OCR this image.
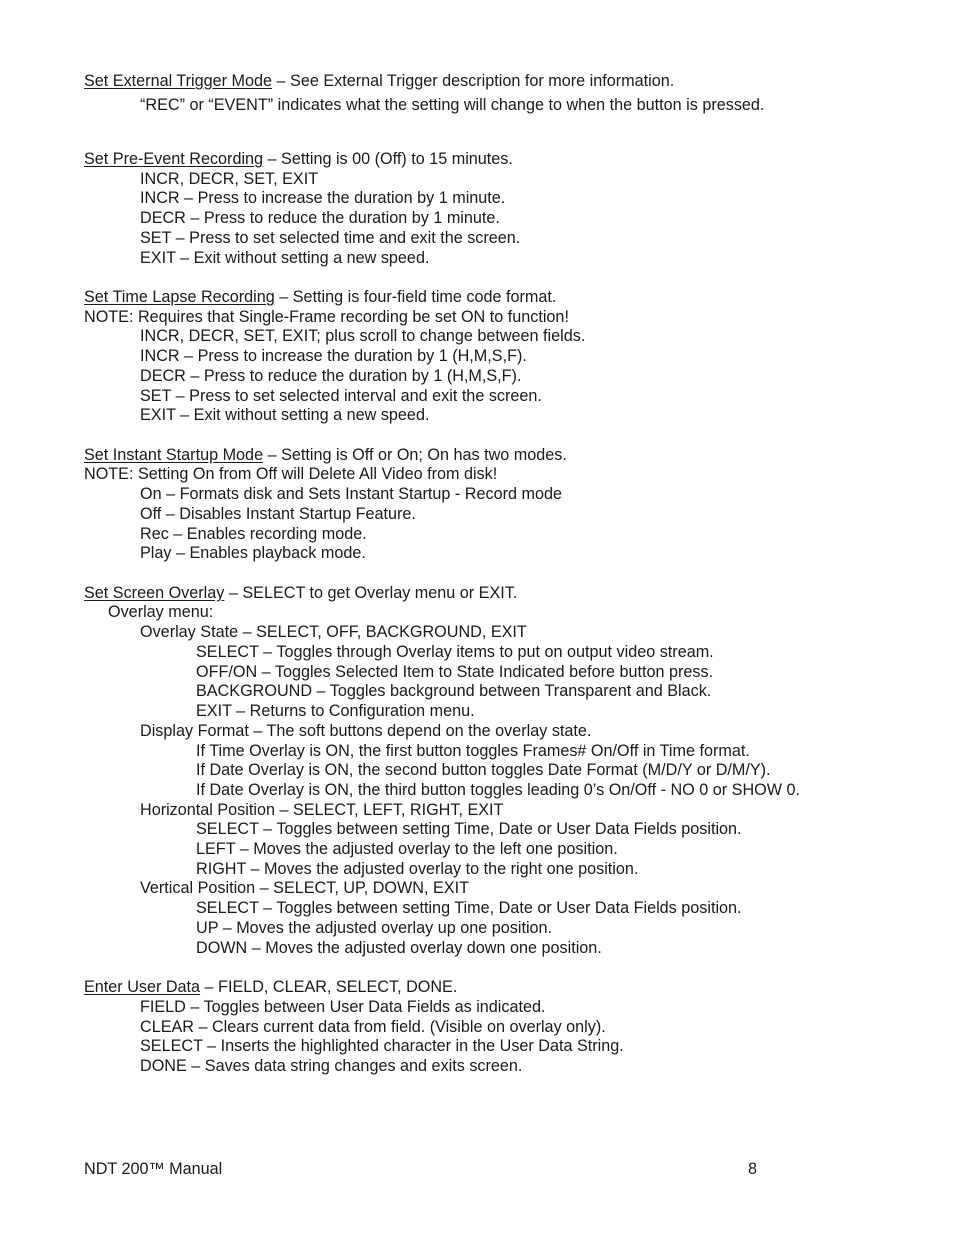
Set External Trigger Mode – See External Trigger description for more information.
“REC” or “EVENT” indicates what the setting will change to when the button is pressed.
Set Pre-Event Recording – Setting is 00 (Off) to 15 minutes.
INCR, DECR, SET, EXIT
INCR – Press to increase the duration by 1 minute.
DECR – Press to reduce the duration by 1 minute.
SET – Press to set selected time and exit the screen.
EXIT – Exit without setting a new speed.
Set Time Lapse Recording – Setting is four-field time code format.
NOTE: Requires that Single-Frame recording be set ON to function!
INCR, DECR, SET, EXIT; plus scroll to change between fields.
INCR – Press to increase the duration by 1 (H,M,S,F).
DECR – Press to reduce the duration by 1 (H,M,S,F).
SET – Press to set selected interval and exit the screen.
EXIT – Exit without setting a new speed.
Set Instant Startup Mode – Setting is Off or On; On has two modes.
NOTE: Setting On from Off will Delete All Video from disk!
On – Formats disk and Sets Instant Startup - Record mode
Off – Disables Instant Startup Feature.
Rec – Enables recording mode.
Play – Enables playback mode.
Set Screen Overlay – SELECT to get Overlay menu or EXIT.
Overlay menu:
Overlay State – SELECT, OFF, BACKGROUND, EXIT
SELECT – Toggles through Overlay items to put on output video stream.
OFF/ON – Toggles Selected Item to State Indicated before button press.
BACKGROUND – Toggles background between Transparent and Black.
EXIT – Returns to Configuration menu.
Display Format – The soft buttons depend on the overlay state.
If Time Overlay is ON, the first button toggles Frames# On/Off in Time format.
If Date Overlay is ON, the second button toggles Date Format (M/D/Y or D/M/Y).
If Date Overlay is ON, the third button toggles leading 0’s On/Off - NO 0 or SHOW 0.
Horizontal Position – SELECT, LEFT, RIGHT, EXIT
SELECT – Toggles between setting Time, Date or User Data Fields position.
LEFT – Moves the adjusted overlay to the left one position.
RIGHT – Moves the adjusted overlay to the right one position.
Vertical Position – SELECT, UP, DOWN, EXIT
SELECT – Toggles between setting Time, Date or User Data Fields position.
UP – Moves the adjusted overlay up one position.
DOWN – Moves the adjusted overlay down one position.
Enter User Data – FIELD, CLEAR, SELECT, DONE.
FIELD – Toggles between User Data Fields as indicated.
CLEAR – Clears current data from field. (Visible on overlay only).
SELECT – Inserts the highlighted character in the User Data String.
DONE – Saves data string changes and exits screen.
NDT 200™ Manual	8
